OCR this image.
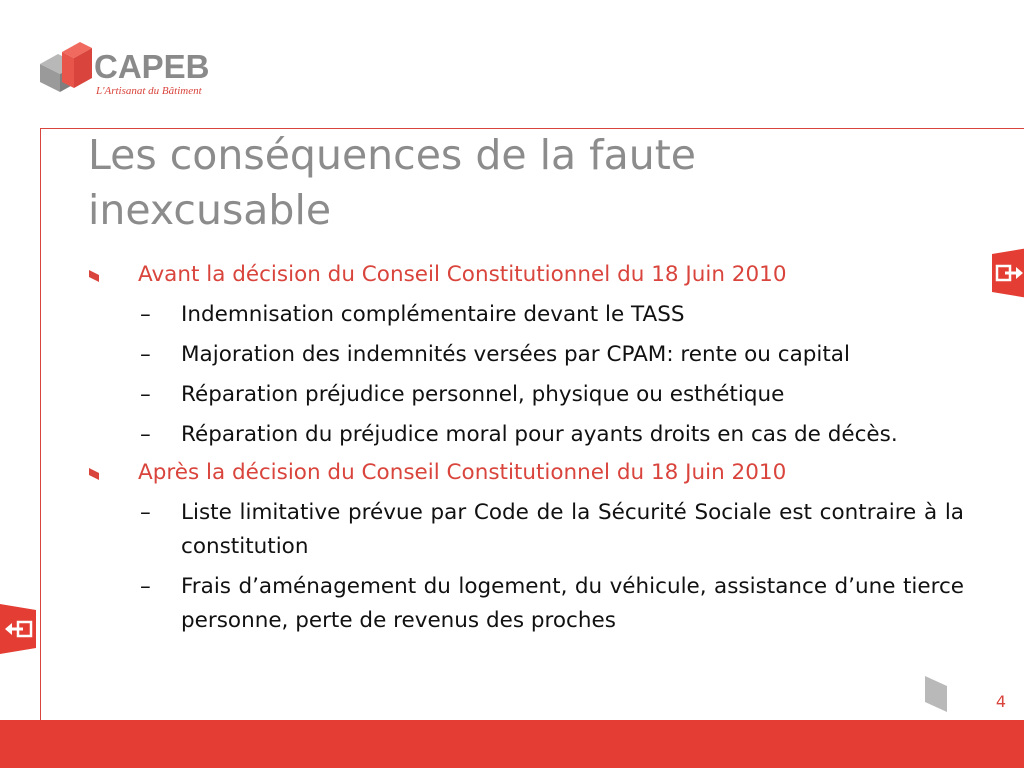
CAPEB
L'Artisanat du Bâtiment
Les conséquences de la faute inexcusable
Avant la décision du Conseil Constitutionnel du 18 Juin 2010
– Indemnisation complémentaire devant le TASS
– Majoration des indemnités versées par CPAM: rente ou capital
– Réparation préjudice personnel, physique ou esthétique
– Réparation du préjudice moral pour ayants droits en cas de décès.
Après la décision du Conseil Constitutionnel du 18 Juin 2010
– Liste limitative prévue par Code de la Sécurité Sociale est contraire à la constitution
– Frais d’aménagement du logement, du véhicule, assistance d’une tierce personne, perte de revenus des proches
4
